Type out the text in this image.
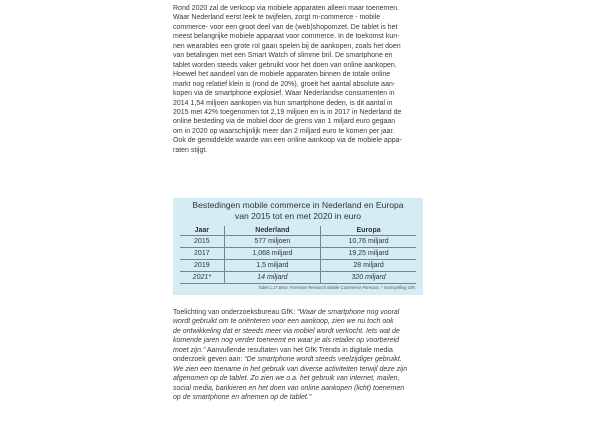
Rond 2020 zal de verkoop via mobiele apparaten alleen maar toenemen.

Waar Nederland eerst leek te twijfelen, zorgt m-commerce - mobile

commerce- voor een groot deel van de (web)shopomzet. De tablet is het

meest belangrijke mobiele apparaat voor commerce. In de toekomst kun-

nen wearables een grote rol gaan spelen bij de aankopen, zoals het doen

van betalingen met een Smart Watch of slimme bril. De smartphone en

tablet worden steeds vaker gebruikt voor het doen van online aankopen.

Hoewel het aandeel van de mobiele apparaten binnen de totale online

markt nog relatief klein is (rond de 20%), groeit het aantal absolute aan-

kopen via de smartphone explosief. Waar Nederlandse consumenten in

2014 1,54 miljoen aankopen via hun smartphone deden, is dit aantal in

2015 met 42% toegenomen tot 2,19 miljoen en is in 2017 in Nederland de

online besteding via de mobiel door de grens van 1 miljard euro gegaan

om in 2020 op waarschijnlijk meer dan 2 miljard euro te komen per jaar.

Ook de gemiddelde waarde van een online aankoop via de mobiele appa-

raten stijgt.

Bestedingen mobile commerce in Nederland en Europa
van 2015 tot en met 2020 in euro
Jaar	Nederland	Europa
2015	577 miljoen	10,76 miljard
2017	1,068 miljard	19,25 miljard
2019	1,5 miljard	28 miljard
2021*	14 miljard	320 miljard
Tabel 1.17 Bron: Forrester Research Mobile Commerce Forecast. * Voorspelling GfK

Toelichting van onderzoeksbureau GfK: “Waar de smartphone nog vooral

wordt gebruikt om te oriënteren voor een aankoop, zien we nu toch ook

de ontwikkeling dat er steeds meer via mobiel wordt verkocht. Iets wat de

komende jaren nog verder toeneemt en waar je als retailer op voorbereid

moet zijn.” Aanvullende resultaten van het GfK Trends in digitale media

onderzoek geven aan: “De smartphone wordt steeds veelzijdiger gebruikt.

We zien een toename in het gebruik van diverse activiteiten terwijl deze zijn

afgenomen op de tablet. Zo zien we o.a. het gebruik van internet, mailen,

social media, bankieren en het doen van online aankopen (licht) toenemen

op de smartphone en afnemen op de tablet.”
